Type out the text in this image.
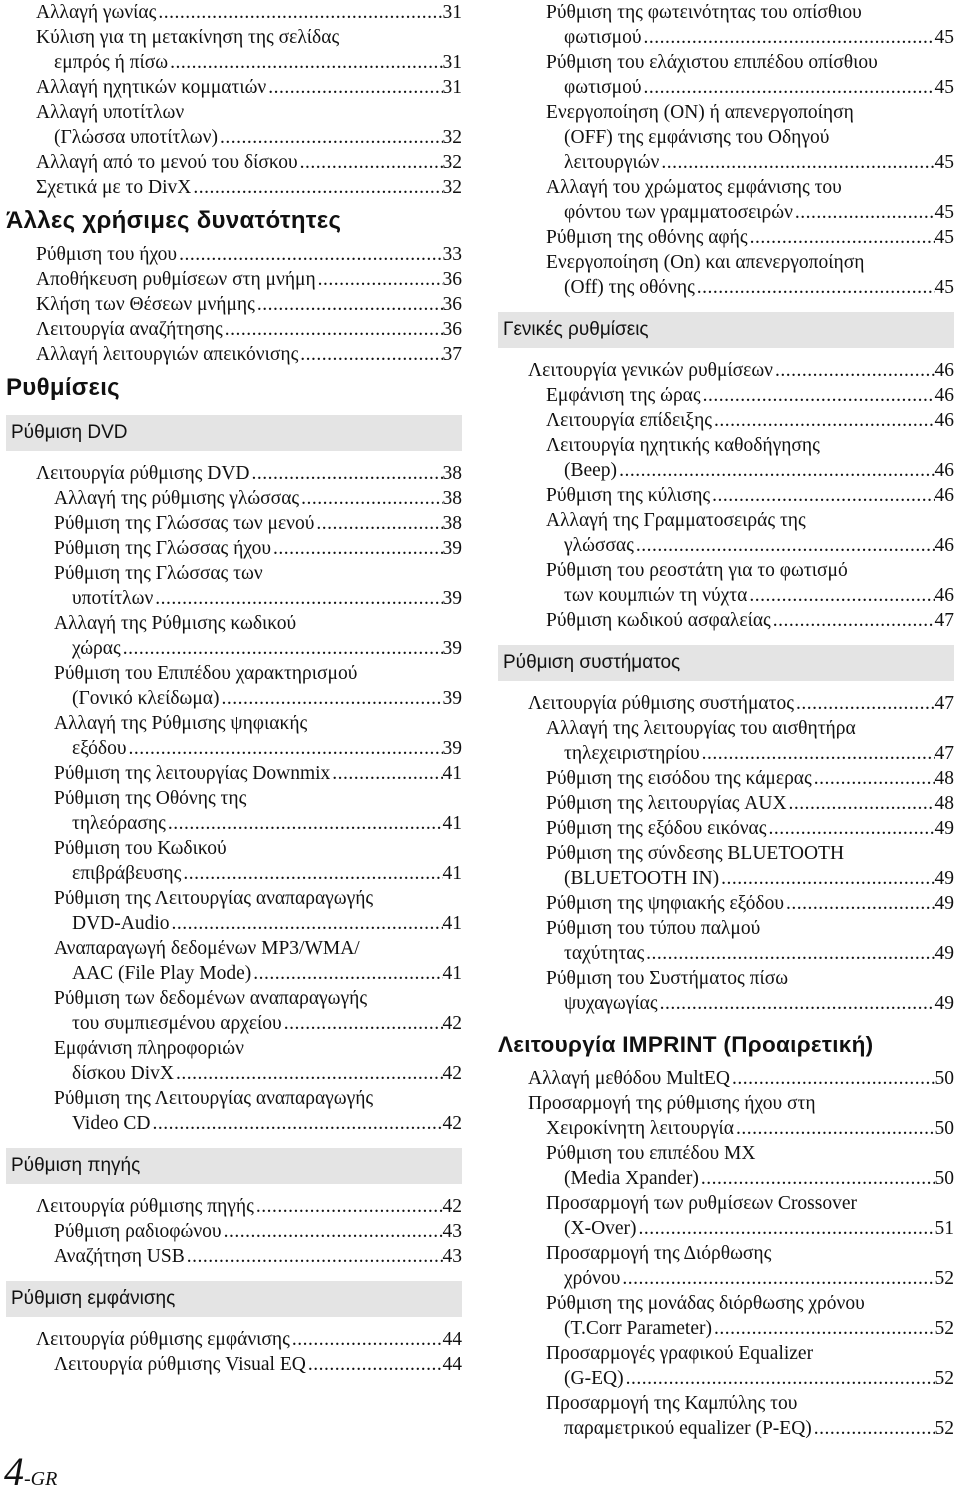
Αλλαγή γωνίας .....	31
Κύλιση για τη μετακίνηση της σελίδας
εμπρός ή πίσω .....	31
Αλλαγή ηχητικών κομματιών .....	31
Αλλαγή υποτίτλων
(Γλώσσα υποτίτλων) .....	32
Αλλαγή από το μενού του δίσκου .....	32
Σχετικά με το DivX .....	32
Άλλες χρήσιμες δυνατότητες
Ρύθμιση του ήχου .....	33
Αποθήκευση ρυθμίσεων στη μνήμη .....	36
Κλήση των Θέσεων μνήμης .....	36
Λειτουργία αναζήτησης .....	36
Αλλαγή λειτουργιών απεικόνισης .....	37
Ρυθμίσεις
Ρύθμιση DVD
Λειτουργία ρύθμισης DVD .....	38
Αλλαγή της ρύθμισης γλώσσας .....	38
Ρύθμιση της Γλώσσας των μενού .....	38
Ρύθμιση της Γλώσσας ήχου .....	39
Ρύθμιση της Γλώσσας των
υποτίτλων .....	39
Αλλαγή της Ρύθμισης κωδικού
χώρας .....	39
Ρύθμιση του Επιπέδου χαρακτηρισμού
(Γονικό κλείδωμα) .....	39
Αλλαγή της Ρύθμισης ψηφιακής
εξόδου .....	39
Ρύθμιση της λειτουργίας Downmix .....	41
Ρύθμιση της Οθόνης της
τηλεόρασης .....	41
Ρύθμιση του Κωδικού
επιβράβευσης .....	41
Ρύθμιση της Λειτουργίας αναπαραγωγής
DVD-Audio .....	41
Αναπαραγωγή δεδομένων MP3/WMA/
AAC (File Play Mode) .....	41
Ρύθμιση των δεδομένων αναπαραγωγής
του συμπιεσμένου αρχείου .....	42
Εμφάνιση πληροφοριών
δίσκου DivX .....	42
Ρύθμιση της Λειτουργίας αναπαραγωγής
Video CD .....	42
Ρύθμιση πηγής
Λειτουργία ρύθμισης πηγής .....	42
Ρύθμιση ραδιοφώνου .....	43
Αναζήτηση USB .....	43
Ρύθμιση εμφάνισης
Λειτουργία ρύθμισης εμφάνισης .....	44
Λειτουργία ρύθμισης Visual EQ .....	44
Ρύθμιση της φωτεινότητας του οπίσθιου
φωτισμού .....	45
Ρύθμιση του ελάχιστου επιπέδου οπίσθιου
φωτισμού .....	45
Ενεργοποίηση (ON) ή απενεργοποίηση
(OFF) της εμφάνισης του Οδηγού
λειτουργιών .....	45
Αλλαγή του χρώματος εμφάνισης του
φόντου των γραμματοσειρών .....	45
Ρύθμιση της οθόνης αφής .....	45
Ενεργοποίηση (On) και απενεργοποίηση
(Off) της οθόνης .....	45
Γενικές ρυθμίσεις
Λειτουργία γενικών ρυθμίσεων .....	46
Εμφάνιση της ώρας .....	46
Λειτουργία επίδειξης .....	46
Λειτουργία ηχητικής καθοδήγησης
(Beep) .....	46
Ρύθμιση της κύλισης .....	46
Αλλαγή της Γραμματοσειράς της
γλώσσας .....	46
Ρύθμιση του ρεοστάτη για το φωτισμό
των κουμπιών τη νύχτα .....	46
Ρύθμιση κωδικού ασφαλείας .....	47
Ρύθμιση συστήματος
Λειτουργία ρύθμισης συστήματος .....	47
Αλλαγή της λειτουργίας του αισθητήρα
τηλεχειριστηρίου .....	47
Ρύθμιση της εισόδου της κάμερας .....	48
Ρύθμιση της λειτουργίας AUX .....	48
Ρύθμιση της εξόδου εικόνας .....	49
Ρύθμιση της σύνδεσης BLUETOOTH
(BLUETOOTH IN) .....	49
Ρύθμιση της ψηφιακής εξόδου .....	49
Ρύθμιση του τύπου παλμού
ταχύτητας .....	49
Ρύθμιση του Συστήματος πίσω
ψυχαγωγίας .....	49
Λειτουργία IMPRINT (Προαιρετική)
Αλλαγή μεθόδου MultEQ .....	50
Προσαρμογή της ρύθμισης ήχου στη
Χειροκίνητη λειτουργία .....	50
Ρύθμιση του επιπέδου MX
(Media Xpander) .....	50
Προσαρμογή των ρυθμίσεων Crossover
(X-Over) .....	51
Προσαρμογή της Διόρθωσης
χρόνου .....	52
Ρύθμιση της μονάδας διόρθωσης χρόνου
(T.Corr Parameter) .....	52
Προσαρμογές γραφικού Equalizer
(G-EQ) .....	52
Προσαρμογή της Καμπύλης του
παραμετρικού equalizer (P-EQ) .....	52
4-GR
